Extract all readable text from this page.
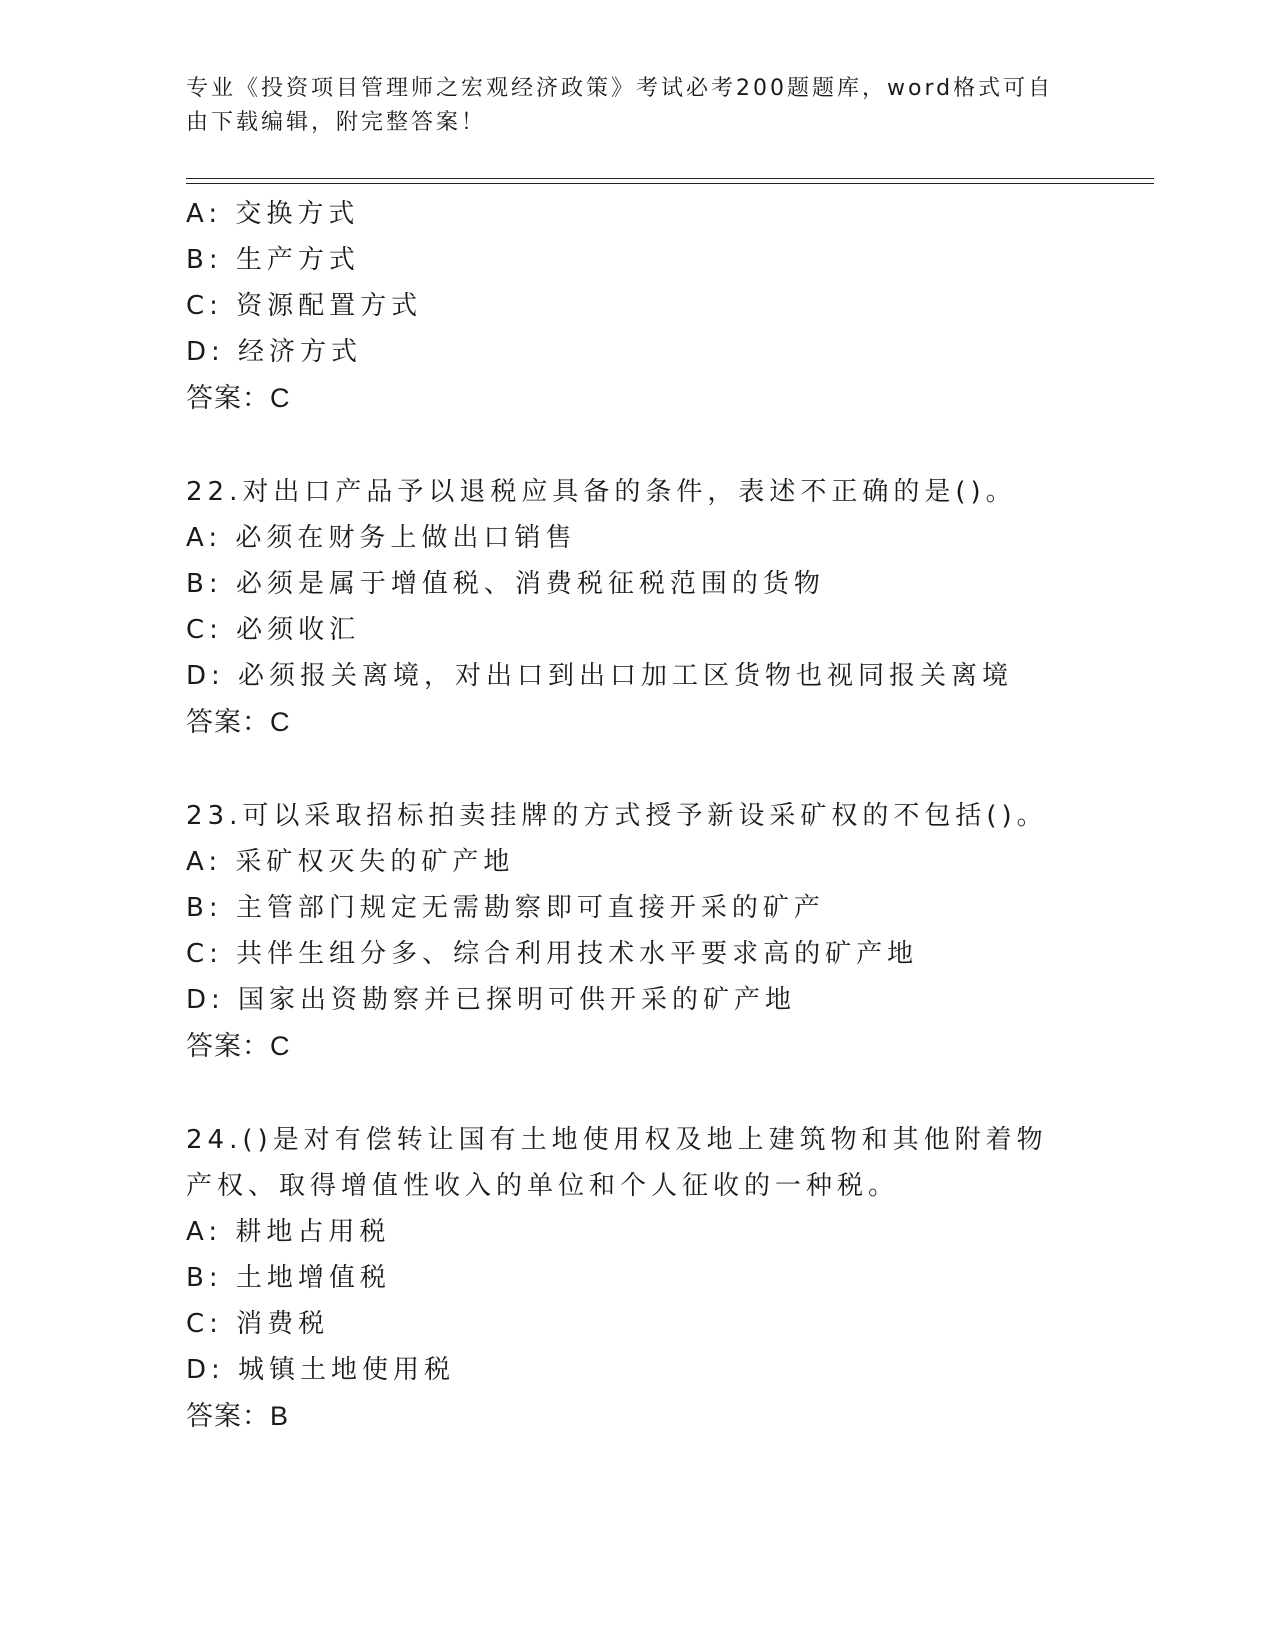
专业《投资项目管理师之宏观经济政策》考试必考200题题库，word格式可自由下载编辑，附完整答案！
A: 交换方式
B: 生产方式
C: 资源配置方式
D: 经济方式
答案：C
22.对出口产品予以退税应具备的条件，表述不正确的是()。
A: 必须在财务上做出口销售
B: 必须是属于增值税、消费税征税范围的货物
C: 必须收汇
D: 必须报关离境，对出口到出口加工区货物也视同报关离境
答案：C
23.可以采取招标拍卖挂牌的方式授予新设采矿权的不包括()。
A: 采矿权灭失的矿产地
B: 主管部门规定无需勘察即可直接开采的矿产
C: 共伴生组分多、综合利用技术水平要求高的矿产地
D: 国家出资勘察并已探明可供开采的矿产地
答案：C
24.()是对有偿转让国有土地使用权及地上建筑物和其他附着物产权、取得增值性收入的单位和个人征收的一种税。
A: 耕地占用税
B: 土地增值税
C: 消费税
D: 城镇土地使用税
答案：B
